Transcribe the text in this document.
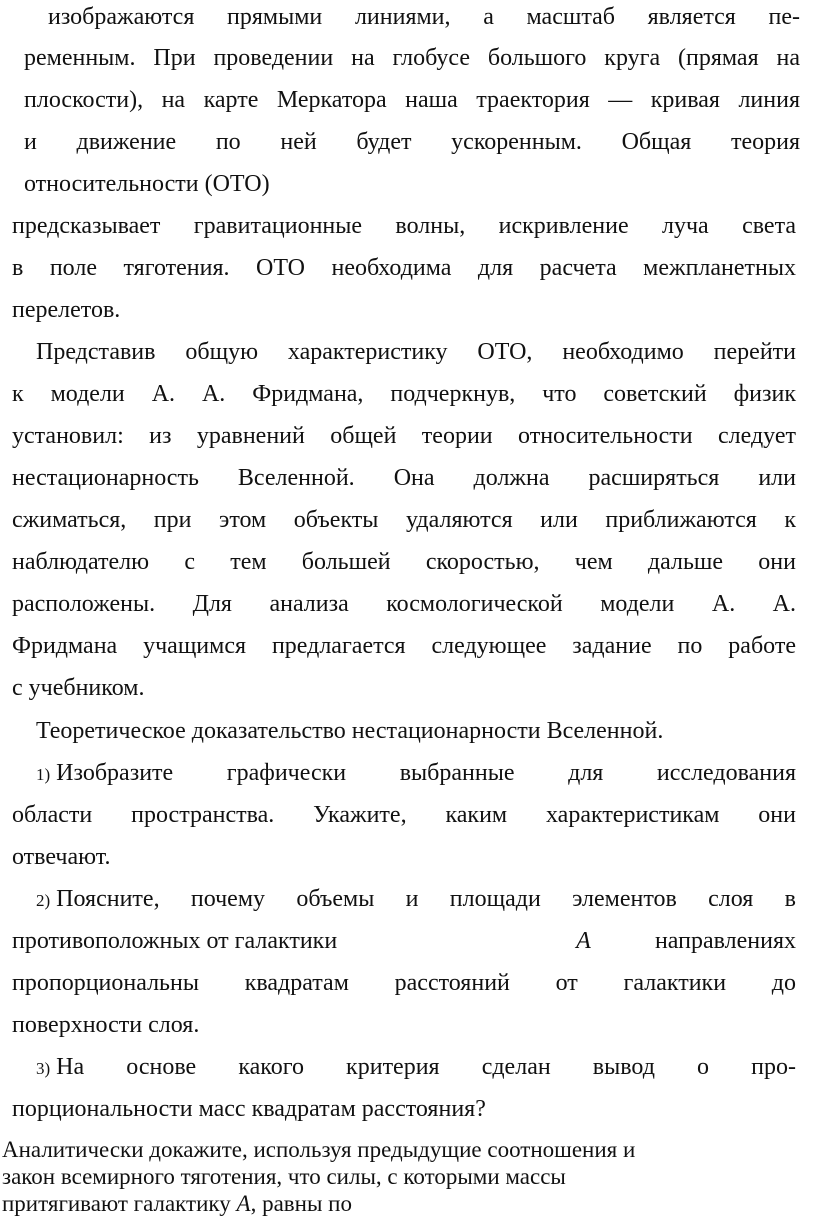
изображаются прямыми линиями, а масштаб является пе-
ременным. При проведении на глобусе большого круга (прямая на
плоскости), на карте Меркатора наша траектория — кривая линия
и движение по ней будет ускоренным. Общая теория
относительности (ОТО)
предсказывает гравитационные волны, искривление луча света
в поле тяготения. ОТО необходима для расчета межпланетных
перелетов.
Представив общую характеристику ОТО, необходимо перейти
к модели А. А. Фридмана, подчеркнув, что советский физик
установил: из уравнений общей теории относительности следует
нестационарность Вселенной. Она должна расширяться или
сжиматься, при этом объекты удаляются или приближаются к
наблюдателю с тем большей скоростью, чем дальше они
расположены. Для анализа космологической модели А. А.
Фридмана учащимся предлагается следующее задание по работе
с учебником.
Теоретическое доказательство нестационарности Вселенной.
1) Изобразите графически выбранные для исследования
области пространства. Укажите, каким характеристикам они
отвечают.
2) Поясните, почему объемы и площади элементов слоя в
противоположных от галактики	А	направлениях
пропорциональны квадратам расстояний от галактики до
поверхности слоя.
3) На основе какого критерия сделан вывод о про-
порциональности масс квадратам расстояния?
Аналитически докажите, используя предыдущие соотношения и
закон всемирного тяготения, что силы, с которыми массы
притягивают галактику А, равны по
